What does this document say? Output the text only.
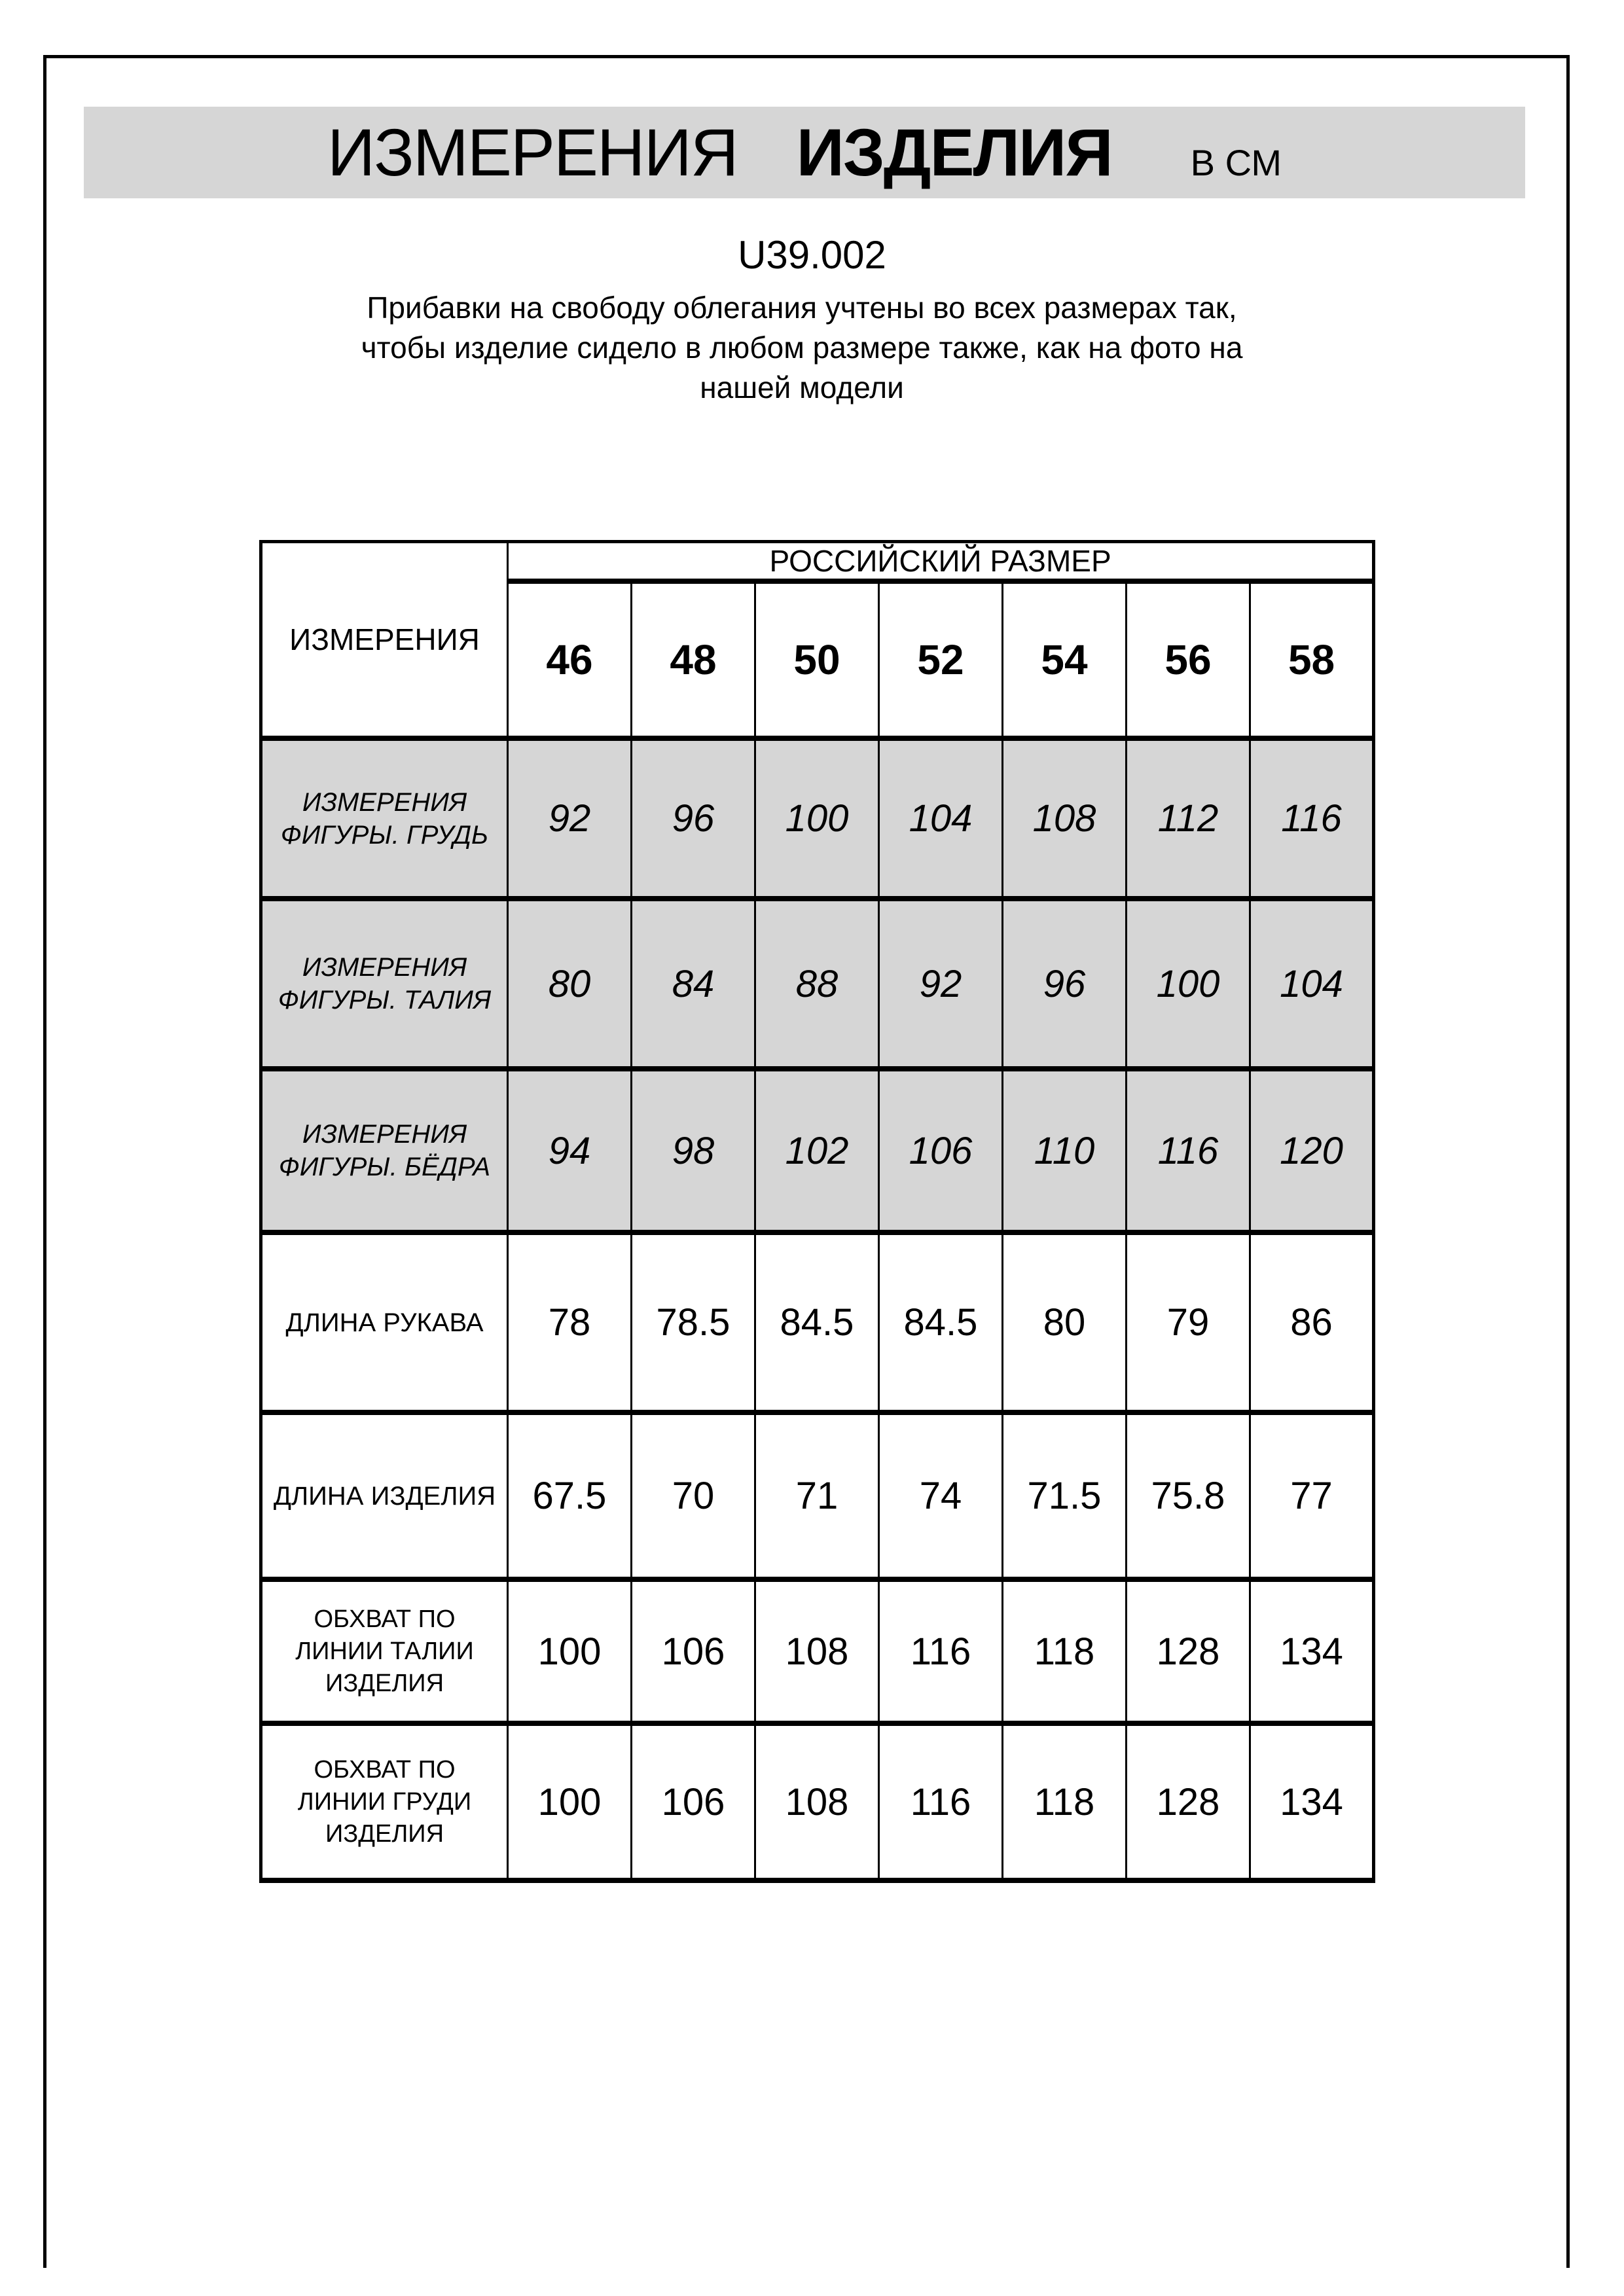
ИЗМЕРЕНИЯ ИЗДЕЛИЯ В СМ
U39.002
Прибавки на свободу облегания учтены во всех размерах так,
чтобы изделие сидело в любом размере также, как на фото на
нашей модели
ИЗМЕРЕНИЯ	РОССИЙСКИЙ РАЗМЕР						
	46	48	50	52	54	56	58

ИЗМЕРЕНИЯ
ФИГУРЫ. ГРУДЬ	92	96	100	104	108	112	116

ИЗМЕРЕНИЯ
ФИГУРЫ. ТАЛИЯ	80	84	88	92	96	100	104

ИЗМЕРЕНИЯ
ФИГУРЫ. БЁДРА	94	98	102	106	110	116	120

ДЛИНА РУКАВА	78	78.5	84.5	84.5	80	79	86

ДЛИНА ИЗДЕЛИЯ	67.5	70	71	74	71.5	75.8	77

ОБХВАТ ПО
ЛИНИИ ТАЛИИ
ИЗДЕЛИЯ	100	106	108	116	118	128	134

ОБХВАТ ПО
ЛИНИИ ГРУДИ
ИЗДЕЛИЯ	100	106	108	116	118	128	134
